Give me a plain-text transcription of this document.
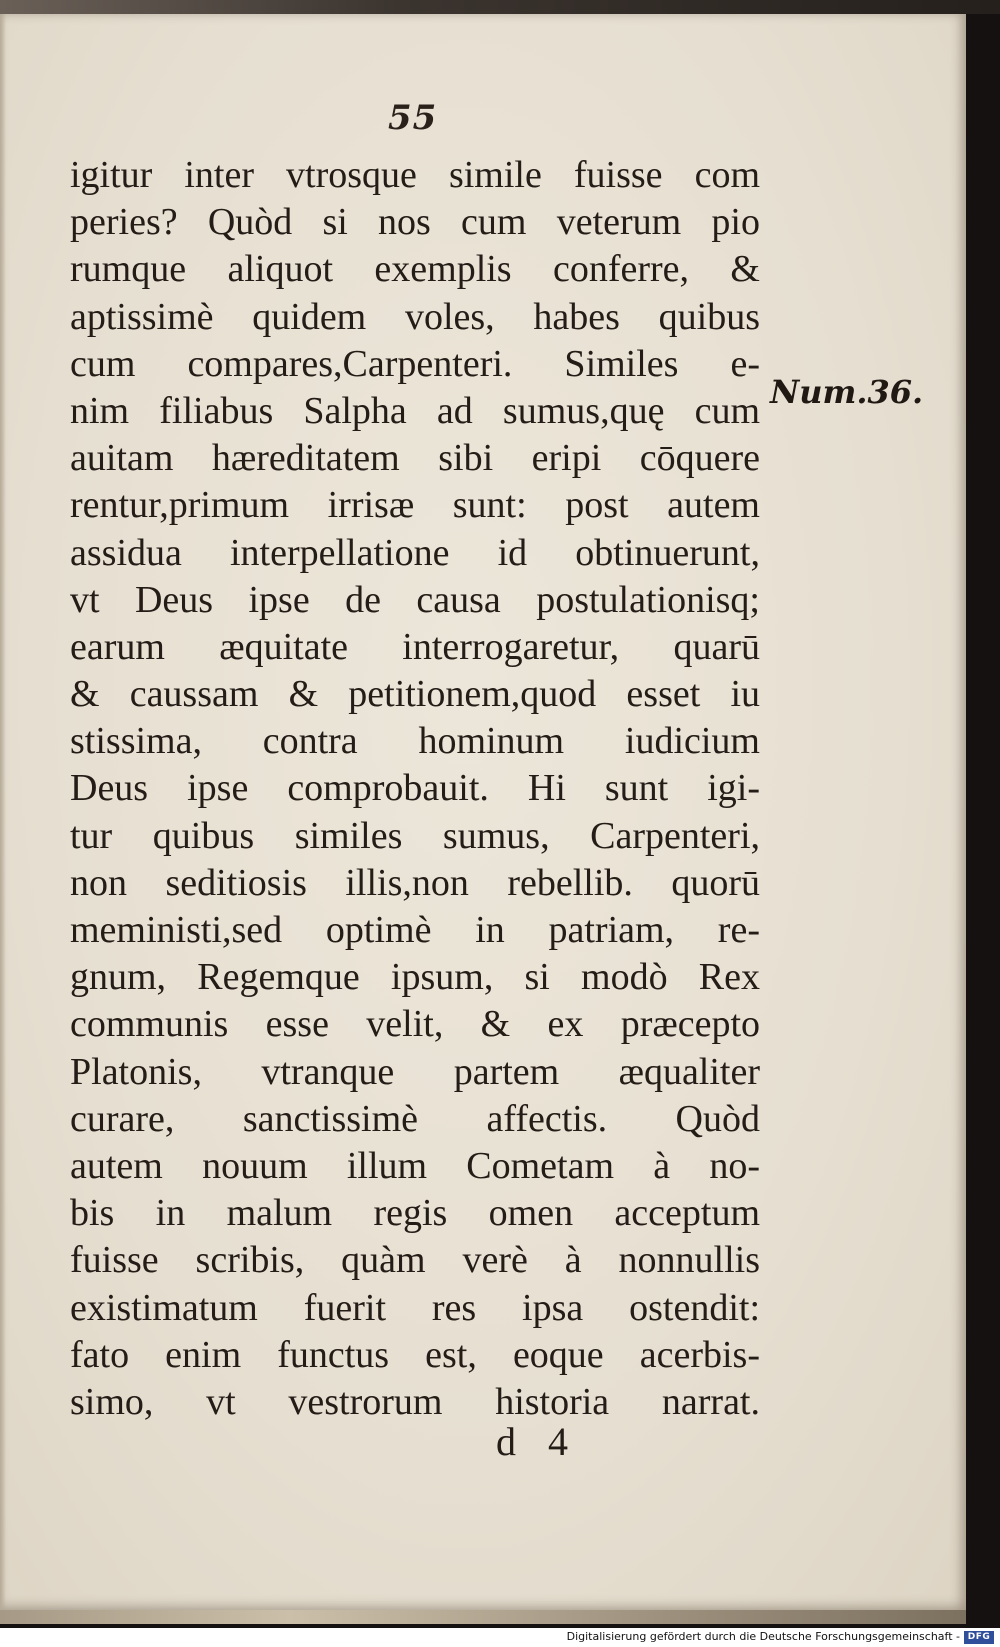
55
igitur inter vtrosque simile fuisse com
peries? Quòd si nos cum veterum pio
rumque aliquot exemplis conferre, &
aptissimè quidem voles, habes quibus
cum compares,Carpenteri. Similes e-
nim filiabus Salpha ad sumus,quę cum
auitam hæreditatem sibi eripi cōquere
rentur,primum irrisæ sunt: post autem
assidua interpellatione id obtinuerunt,
vt Deus ipse de causa postulationisq;
earum æquitate interrogaretur, quarū
& caussam & petitionem,quod esset iu
stissima, contra hominum iudicium
Deus ipse comprobauit. Hi sunt igi-
tur quibus similes sumus, Carpenteri,
non seditiosis illis,non rebellib. quorū
meministi,sed optimè in patriam, re-
gnum, Regemque ipsum, si modò Rex
communis esse velit, & ex præcepto
Platonis, vtranque partem æqualiter
curare, sanctissimè affectis. Quòd
autem nouum illum Cometam à no-
bis in malum regis omen acceptum
fuisse scribis, quàm verè à nonnullis
existimatum fuerit res ipsa ostendit:
fato enim functus est, eoque acerbis-
simo, vt vestrorum historia narrat.
Num.36.
d 4
Digitalisierung gefördert durch die Deutsche Forschungsgemeinschaft - DFG
